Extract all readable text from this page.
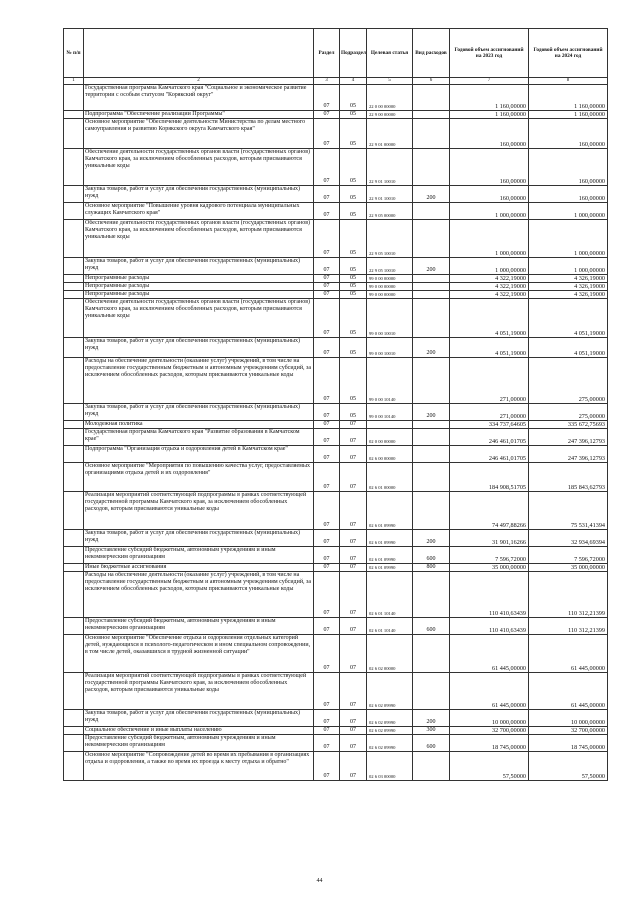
№ п/п		Раздел	Подраздел	Целевая статья	Вид расходов	Годовой объем ассигнований на 2023 год	Годовой объем ассигнований на 2024 год
1	2	3	4	5	6	7	8
	Государственная программа Камчатского края "Социальное и экономическое развитие территории с особым статусом "Корякский округ"	07	05	22 0 00 00000		1 160,00000	1 160,00000
	Подпрограмма "Обеспечение реализации Программы"	07	05	22 9 00 00000		1 160,00000	1 160,00000
	Основное мероприятие "Обеспечение деятельности Министерства по делам местного самоуправления и развитию Корякского округа Камчатского края"	07	05	22 9 01 00000		160,00000	160,00000
	Обеспечение деятельности государственных органов власти (государственных органов) Камчатского края, за исключением обособленных расходов, которым присваиваются уникальные коды	07	05	22 9 01 10010		160,00000	160,00000
	Закупка товаров, работ и услуг для обеспечения государственных (муниципальных) нужд	07	05	22 9 01 10010	200	160,00000	160,00000
	Основное мероприятие "Повышение уровня кадрового потенциала муниципальных служащих Камчатского края"	07	05	22 9 05 00000		1 000,00000	1 000,00000
	Обеспечение деятельности государственных органов власти (государственных органов) Камчатского края, за исключением обособленных расходов, которым присваиваются уникальные коды	07	05	22 9 05 10010		1 000,00000	1 000,00000
	Закупка товаров, работ и услуг для обеспечения государственных (муниципальных) нужд	07	05	22 9 05 10010	200	1 000,00000	1 000,00000
	Непрограммные расходы	07	05	99 0 00 00000		4 322,19000	4 326,19000
	Непрограммные расходы	07	05	99 0 00 00000		4 322,19000	4 326,19000
	Непрограммные расходы	07	05	99 0 00 00000		4 322,19000	4 326,19000
	Обеспечение деятельности государственных органов власти (государственных органов) Камчатского края, за исключением обособленных расходов, которым присваиваются уникальные коды	07	05	99 0 00 10010		4 051,19000	4 051,19000
	Закупка товаров, работ и услуг для обеспечения государственных (муниципальных) нужд	07	05	99 0 00 10010	200	4 051,19000	4 051,19000
	Расходы на обеспечение деятельности (оказание услуг) учреждений, в том числе на предоставление государственным бюджетным и автономным учреждениям субсидий, за исключением обособленных расходов, которым присваиваются уникальные коды	07	05	99 0 00 10140		271,00000	275,00000
	Закупка товаров, работ и услуг для обеспечения государственных (муниципальных) нужд	07	05	99 0 00 10140	200	271,00000	275,00000
	Молодежная политика	07	07			334 737,64605	335 672,75693
	Государственная программа Камчатского края "Развитие образования в Камчатском крае"	07	07	02 0 00 00000		246 461,01705	247 396,12793
	Подпрограмма "Организация отдыха и оздоровления детей в Камчатском крае"	07	07	02 6 00 00000		246 461,01705	247 396,12793
	Основное мероприятие "Мероприятия по повышению качества услуг, предоставляемых организациями отдыха детей и их оздоровления"	07	07	02 6 01 00000		184 908,51705	185 843,62793
	Реализация мероприятий соответствующей подпрограммы в рамках соответствующей государственной программы Камчатского края, за исключением обособленных расходов, которым присваиваются уникальные коды	07	07	02 6 01 09990		74 497,88266	75 531,41394
	Закупка товаров, работ и услуг для обеспечения государственных (муниципальных) нужд	07	07	02 6 01 09990	200	31 901,16266	32 934,69394
	Предоставление субсидий бюджетным, автономным учреждениям и иным некоммерческим организациям	07	07	02 6 01 09990	600	7 596,72000	7 596,72000
	Иные бюджетные ассигнования	07	07	02 6 01 09990	800	35 000,00000	35 000,00000
	Расходы на обеспечение деятельности (оказание услуг) учреждений, в том числе на предоставление государственным бюджетным и автономным учреждениям субсидий, за исключением обособленных расходов, которым присваиваются уникальные коды	07	07	02 6 01 10140		110 410,63439	110 312,21399
	Предоставление субсидий бюджетным, автономным учреждениям и иным некоммерческим организациям	07	07	02 6 01 10140	600	110 410,63439	110 312,21399
	Основное мероприятие "Обеспечение отдыха и оздоровления отдельных категорий детей, нуждающихся в психолого-педагогическом и ином специальном сопровождении, в том числе детей, оказавшихся в трудной жизненной ситуации"	07	07	02 6 02 00000		61 445,00000	61 445,00000
	Реализация мероприятий соответствующей подпрограммы в рамках соответствующей государственной программы Камчатского края, за исключением обособленных расходов, которым присваиваются уникальные коды	07	07	02 6 02 09990		61 445,00000	61 445,00000
	Закупка товаров, работ и услуг для обеспечения государственных (муниципальных) нужд	07	07	02 6 02 09990	200	10 000,00000	10 000,00000
	Социальное обеспечение и иные выплаты населению	07	07	02 6 02 09990	300	32 700,00000	32 700,00000
	Предоставление субсидий бюджетным, автономным учреждениям и иным некоммерческим организациям	07	07	02 6 02 09990	600	18 745,00000	18 745,00000
	Основное мероприятие "Сопровождение детей во время их пребывания в организациях отдыха и оздоровления, а также во время их проезда к месту отдыха и обратно"	07	07	02 6 03 00000		57,50000	57,50000
44
